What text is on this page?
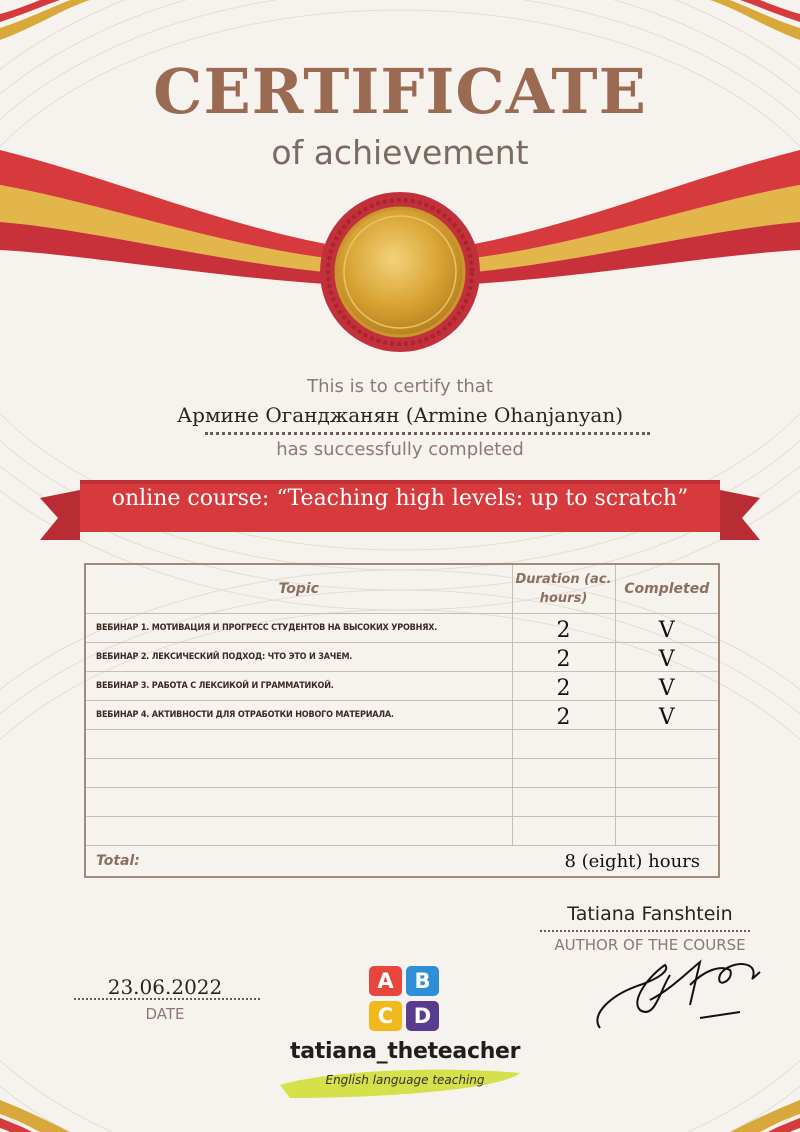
CERTIFICATE
of achievement
This is to certify that
Армине Оганджанян (Armine Ohanjanyan)
has successfully completed
online course: “Teaching high levels: up to scratch”
Topic	Duration (ac. hours)	Completed
ВЕБИНАР 1. МОТИВАЦИЯ И ПРОГРЕСС СТУДЕНТОВ НА ВЫСОКИХ УРОВНЯХ.	2	V
ВЕБИНАР 2. ЛЕКСИЧЕСКИЙ ПОДХОД: ЧТО ЭТО И ЗАЧЕМ.	2	V
ВЕБИНАР 3. РАБОТА С ЛЕКСИКОЙ И ГРАММАТИКОЙ.	2	V
ВЕБИНАР 4. АКТИВНОСТИ ДЛЯ ОТРАБОТКИ НОВОГО МАТЕРИАЛА.	2	V

Total:	8 (eight) hours	
Tatiana Fanshtein
AUTHOR OF THE COURSE
23.06.2022
DATE
A B
C D
tatiana_theteacher
English language teaching
